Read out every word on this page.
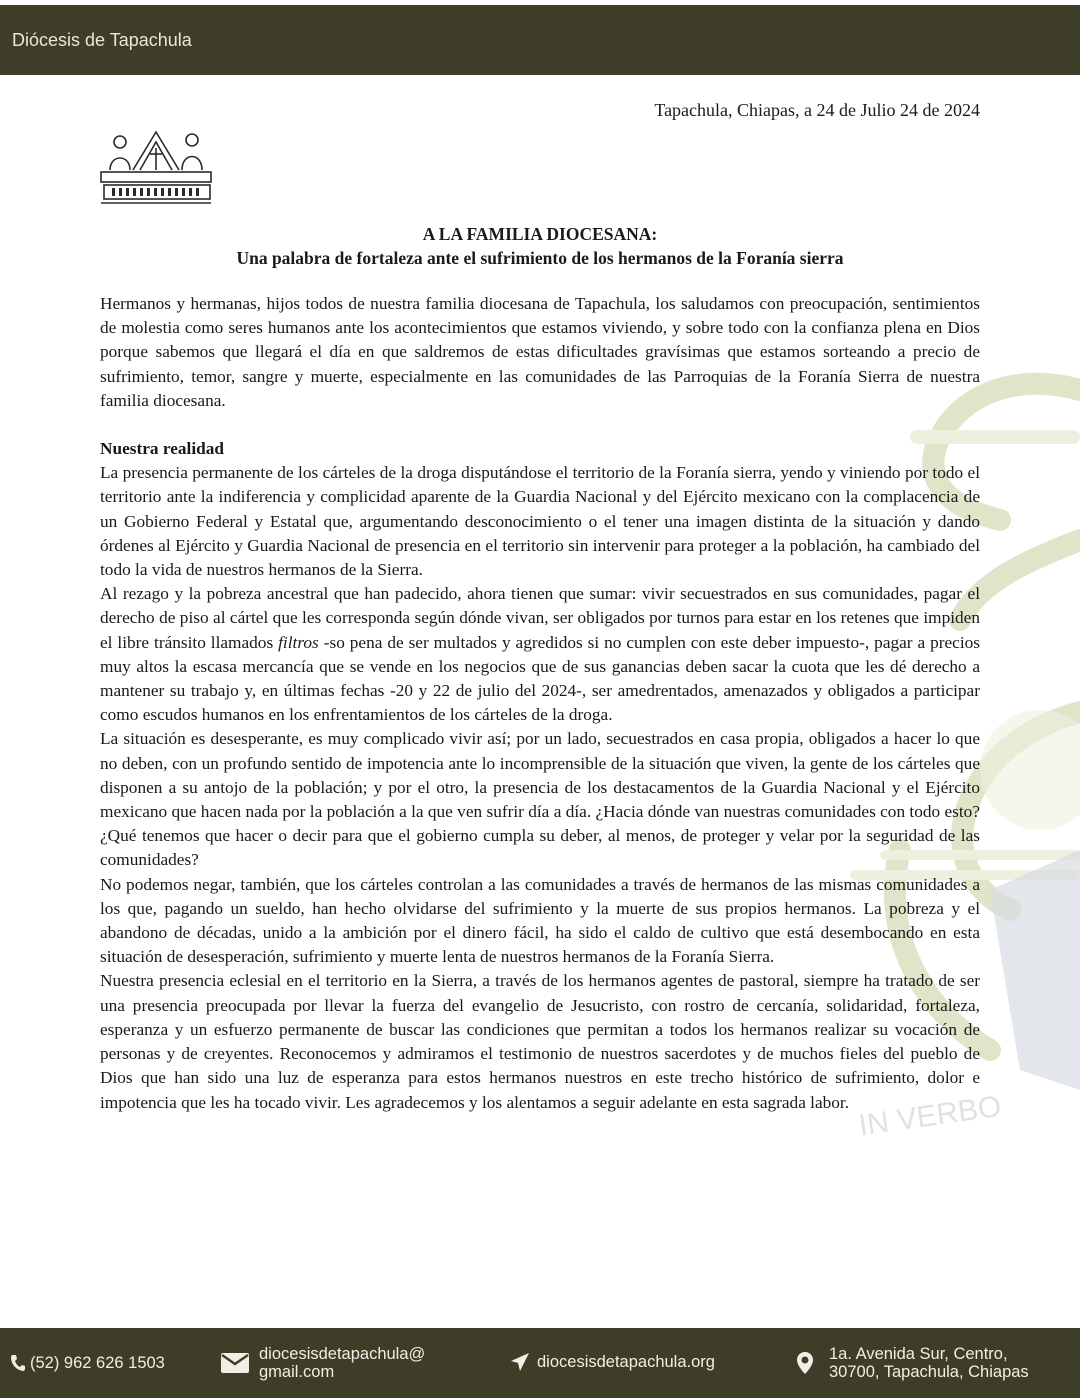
Diócesis de Tapachula
IN VERBO
Tapachula, Chiapas, a 24 de Julio 24 de 2024
A LA FAMILIA DIOCESANA:
Una palabra de fortaleza ante el sufrimiento de los hermanos de la Foranía sierra

Hermanos y hermanas, hijos todos de nuestra familia diocesana de Tapachula, los saludamos con preocupación, sentimientos de molestia como seres humanos ante los acontecimientos que estamos viviendo, y sobre todo con la confianza plena en Dios porque sabemos que llegará el día en que saldremos de estas dificultades gravísimas que estamos sorteando a precio de sufrimiento, temor, sangre y muerte, especialmente en las comunidades de las Parroquias de la Foranía Sierra de nuestra familia diocesana.

Nuestra realidad

La presencia permanente de los cárteles de la droga disputándose el territorio de la Foranía sierra, yendo y viniendo por todo el territorio ante la indiferencia y complicidad aparente de la Guardia Nacional y del Ejército mexicano con la complacencia de un Gobierno Federal y Estatal que, argumentando desconocimiento o el tener una imagen distinta de la situación y dando órdenes al Ejército y Guardia Nacional de presencia en el territorio sin intervenir para proteger a la población, ha cambiado del todo la vida de nuestros hermanos de la Sierra.

Al rezago y la pobreza ancestral que han padecido, ahora tienen que sumar: vivir secuestrados en sus comunidades, pagar el derecho de piso al cártel que les corresponda según dónde vivan, ser obligados por turnos para estar en los retenes que impiden el libre tránsito llamados filtros -so pena de ser multados y agredidos si no cumplen con este deber impuesto-, pagar a precios muy altos la escasa mercancía que se vende en los negocios que de sus ganancias deben sacar la cuota que les dé derecho a mantener su trabajo y, en últimas fechas -20 y 22 de julio del 2024-, ser amedrentados, amenazados y obligados a participar como escudos humanos en los enfrentamientos de los cárteles de la droga.

La situación es desesperante, es muy complicado vivir así; por un lado, secuestrados en casa propia, obligados a hacer lo que no deben, con un profundo sentido de impotencia ante lo incomprensible de la situación que viven, la gente de los cárteles que disponen a su antojo de la población; y por el otro, la presencia de los destacamentos de la Guardia Nacional y el Ejército mexicano que hacen nada por la población a la que ven sufrir día a día. ¿Hacia dónde van nuestras comunidades con todo esto? ¿Qué tenemos que hacer o decir para que el gobierno cumpla su deber, al menos, de proteger y velar por la seguridad de las comunidades?

No podemos negar, también, que los cárteles controlan a las comunidades a través de hermanos de las mismas comunidades a los que, pagando un sueldo, han hecho olvidarse del sufrimiento y la muerte de sus propios hermanos. La pobreza y el abandono de décadas, unido a la ambición por el dinero fácil, ha sido el caldo de cultivo que está desembocando en esta situación de desesperación, sufrimiento y muerte lenta de nuestros hermanos de la Foranía Sierra.

Nuestra presencia eclesial en el territorio en la Sierra, a través de los hermanos agentes de pastoral, siempre ha tratado de ser una presencia preocupada por llevar la fuerza del evangelio de Jesucristo, con rostro de cercanía, solidaridad, fortaleza, esperanza y un esfuerzo permanente de buscar las condiciones que permitan a todos los hermanos realizar su vocación de personas y de creyentes. Reconocemos y admiramos el testimonio de nuestros sacerdotes y de muchos fieles del pueblo de Dios que han sido una luz de esperanza para estos hermanos nuestros en este trecho histórico de sufrimiento, dolor e impotencia que les ha tocado vivir. Les agradecemos y los alentamos a seguir adelante en esta sagrada labor.

(52) 962 626 1503	diocesisdetapachula@
gmail.com
diocesisdetapachula.org	1a. Avenida Sur, Centro,
30700, Tapachula, Chiapas
